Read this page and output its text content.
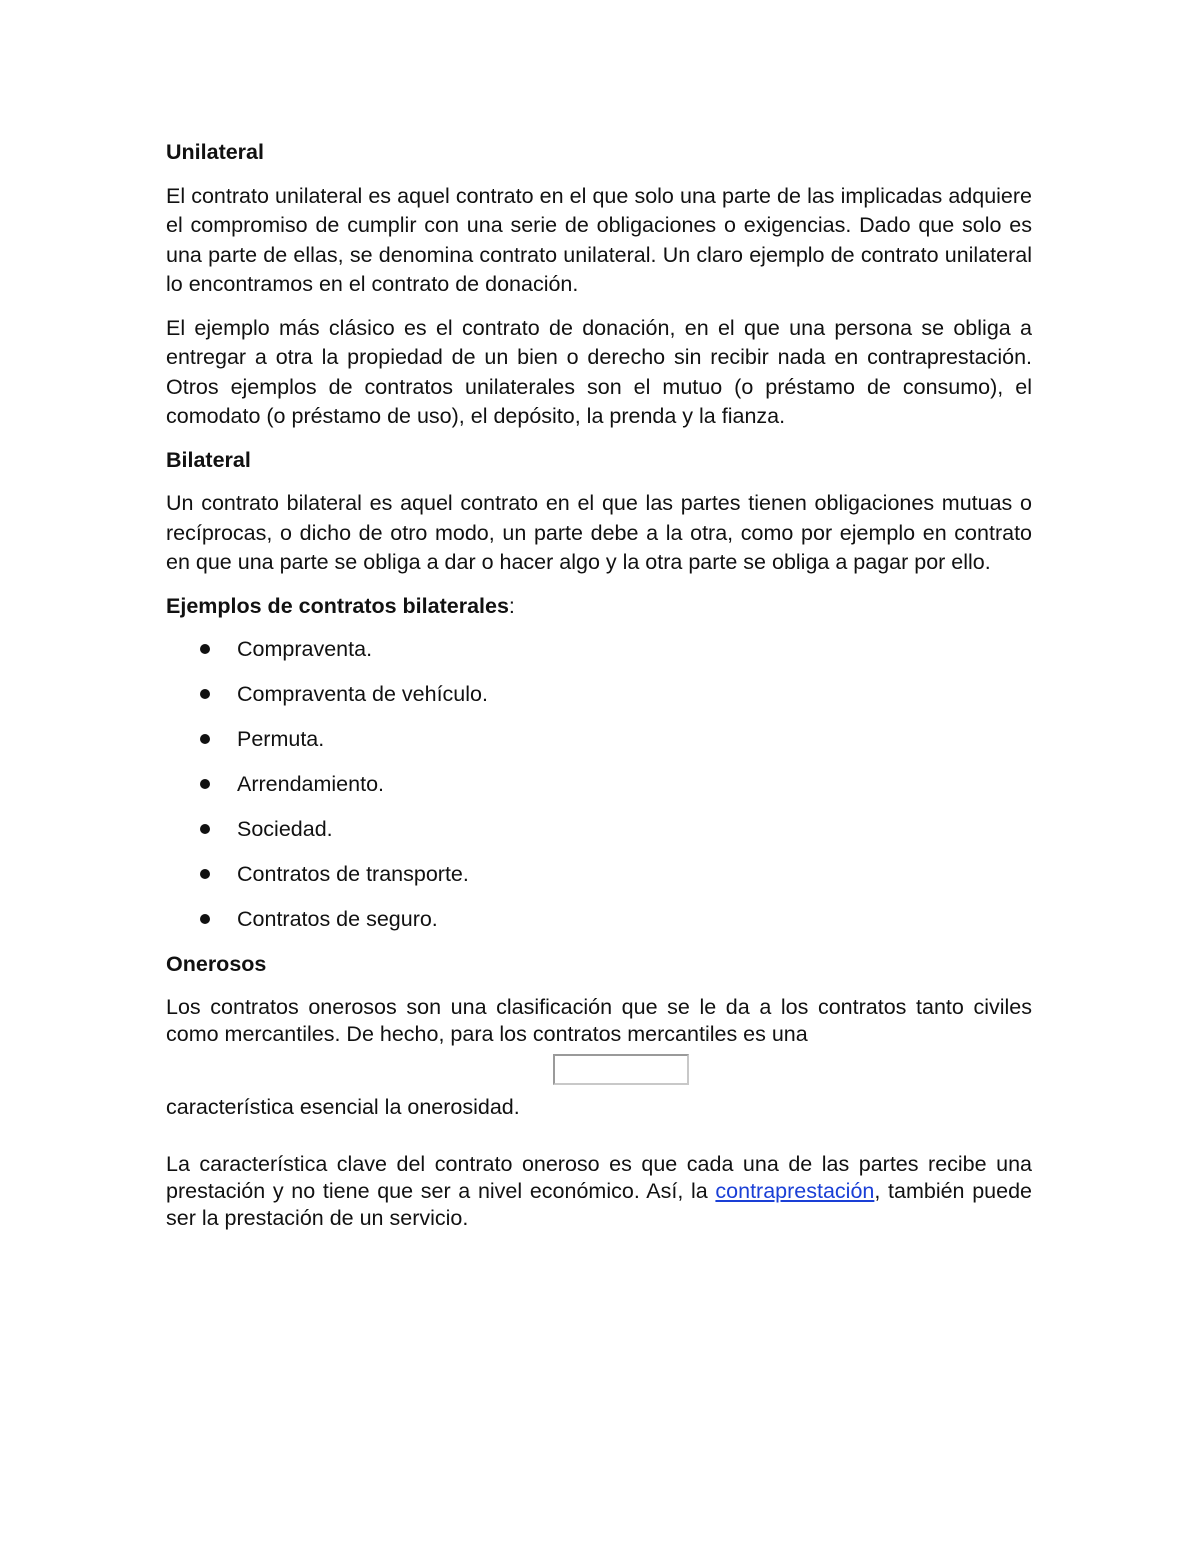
Unilateral

El contrato unilateral es aquel contrato en el que solo una parte de las implicadas adquiere el compromiso de cumplir con una serie de obligaciones o exigencias. Dado que solo es una parte de ellas, se denomina contrato unilateral. Un claro ejemplo de contrato unilateral lo encontramos en el contrato de donación.

El ejemplo más clásico es el contrato de donación, en el que una persona se obliga a entregar a otra la propiedad de un bien o derecho sin recibir nada en contraprestación. Otros ejemplos de contratos unilaterales son el mutuo (o préstamo de consumo), el comodato (o préstamo de uso), el depósito, la prenda y la fianza.

Bilateral

Un contrato bilateral es aquel contrato en el que las partes tienen obligaciones mutuas o recíprocas, o dicho de otro modo, un parte debe a la otra, como por ejemplo en contrato en que una parte se obliga a dar o hacer algo y la otra parte se obliga a pagar por ello.

Ejemplos de contratos bilaterales:
Compraventa.
Compraventa de vehículo.
Permuta.
Arrendamiento.
Sociedad.
Contratos de transporte.
Contratos de seguro.
Onerosos

Los contratos onerosos son una clasificación que se le da a los contratos tanto civiles como mercantiles. De hecho, para los contratos mercantiles es una

característica esencial la onerosidad.

La característica clave del contrato oneroso es que cada una de las partes recibe una prestación y no tiene que ser a nivel económico. Así, la contraprestación, también puede ser la prestación de un servicio.
